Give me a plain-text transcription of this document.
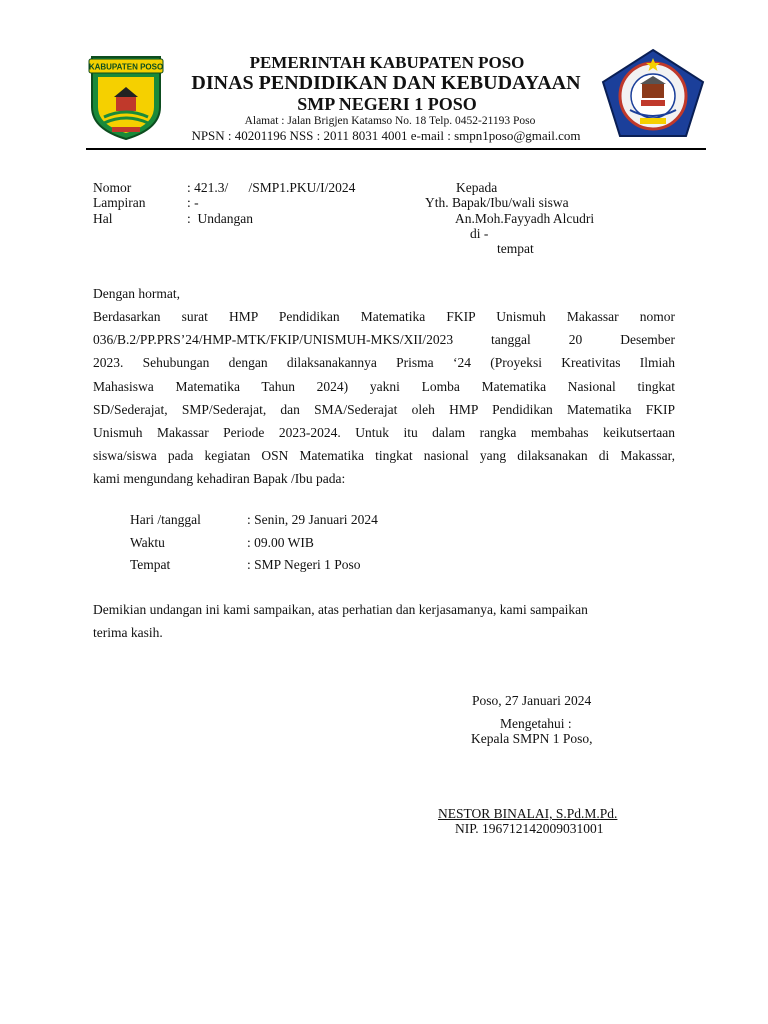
KABUPATEN POSO	PEMERINTAH KABUPATEN POSO
DINAS PENDIDIKAN DAN KEBUDAYAAN
SMP NEGERI 1 POSO
Alamat : Jalan Brigjen Katamso No. 18 Telp. 0452-21193 Poso
NPSN : 40201196 NSS : 2011 8031 4001 e-mail : smpn1poso@gmail.com
Nomor	: 421.3/      /SMP1.PKU/I/2024
Lampiran	: -
Hal	:  Undangan
Kepada
Yth. Bapak/Ibu/wali siswa
An.Moh.Fayyadh Alcudri
di -
tempat
Dengan hormat,
Berdasarkan surat HMP Pendidikan Matematika FKIP Unismuh Makassar nomor
036/B.2/PP.PRS’24/HMP-MTK/FKIP/UNISMUH-MKS/XII/2023 tanggal 20 Desember
2023. Sehubungan dengan dilaksanakannya Prisma ‘24 (Proyeksi Kreativitas Ilmiah
Mahasiswa Matematika Tahun 2024) yakni Lomba Matematika Nasional tingkat
SD/Sederajat, SMP/Sederajat, dan SMA/Sederajat oleh HMP Pendidikan Matematika FKIP
Unismuh Makassar Periode 2023-2024. Untuk itu dalam rangka membahas keikutsertaan
siswa/siswa pada kegiatan OSN Matematika tingkat nasional yang dilaksanakan di Makassar,
kami mengundang kehadiran Bapak /Ibu pada:
Hari /tanggal	: Senin, 29 Januari 2024
Waktu	: 09.00 WIB
Tempat	: SMP Negeri 1 Poso
Demikian undangan ini kami sampaikan, atas perhatian dan kerjasamanya, kami sampaikan
terima kasih.
Poso, 27 Januari 2024
Mengetahui :
Kepala SMPN 1 Poso,
NESTOR BINALAI, S.Pd.M.Pd.
NIP. 196712142009031001
